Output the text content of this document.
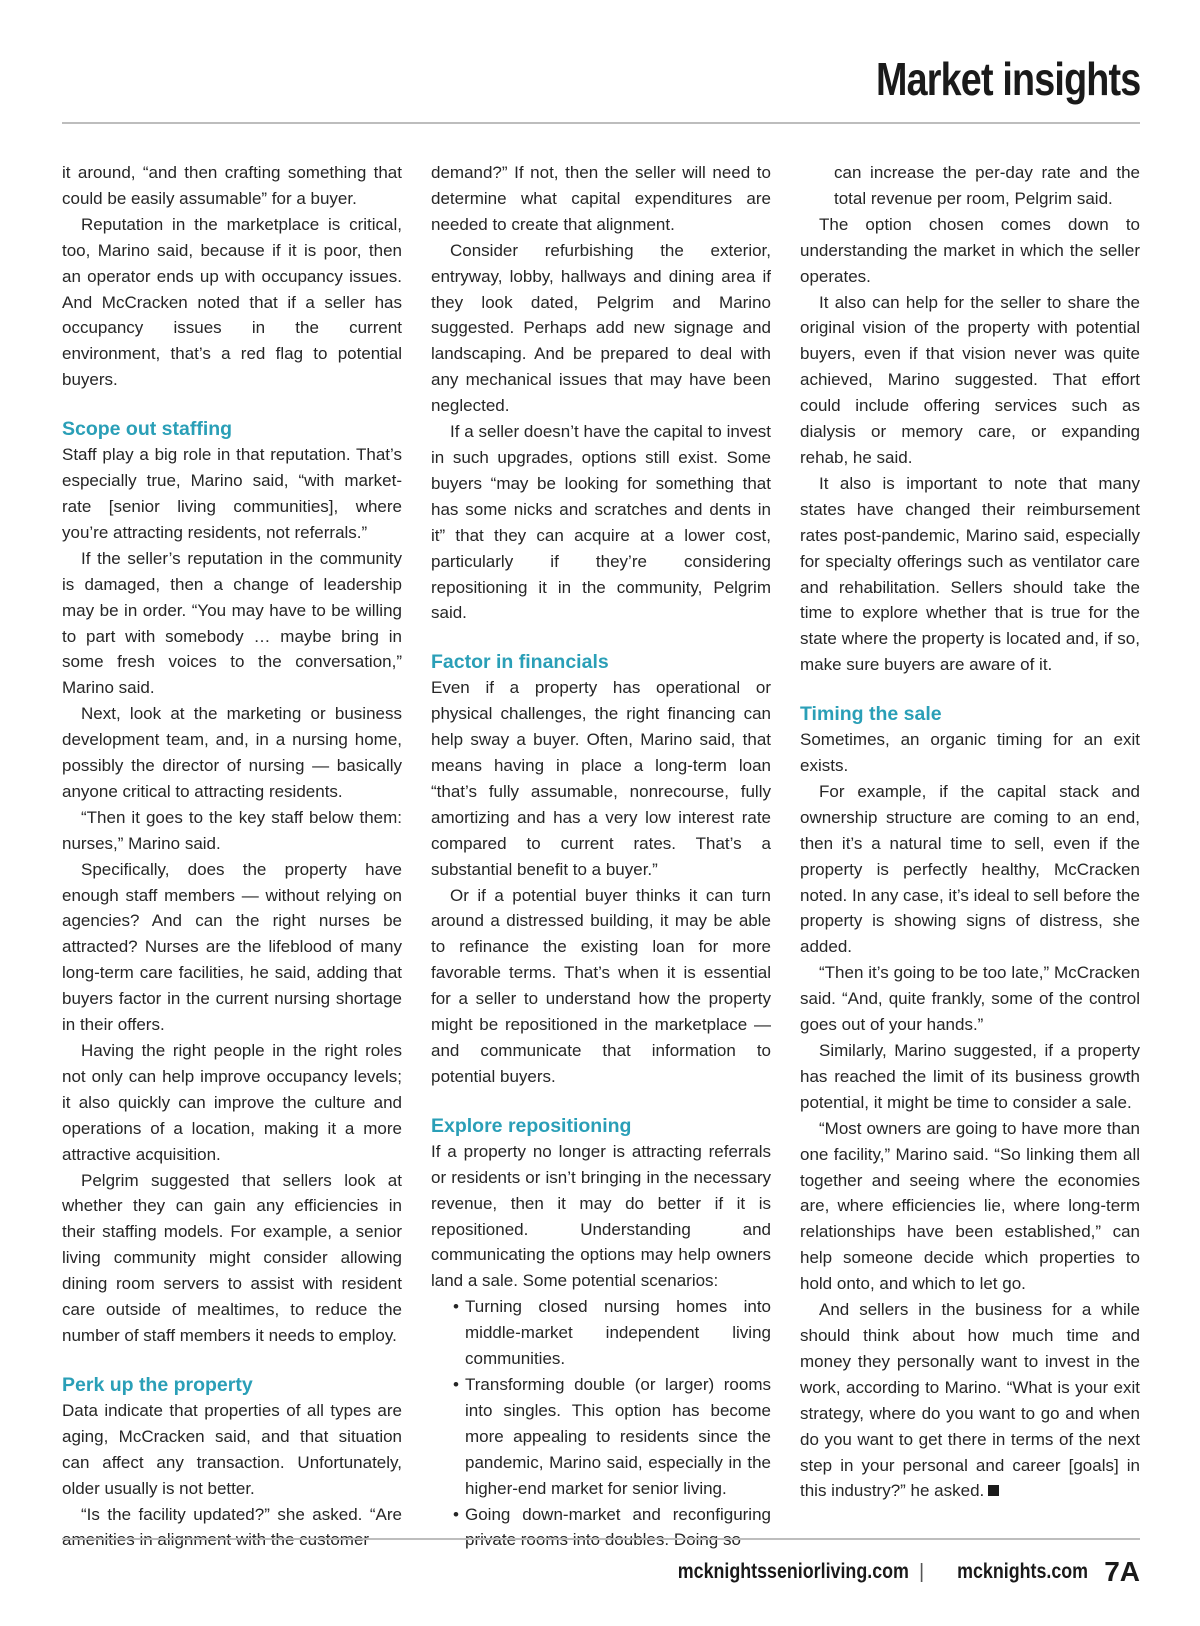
Market insights

it around, “and then crafting something that could be easily assumable” for a buyer.

Reputation in the marketplace is critical, too, Marino said, because if it is poor, then an operator ends up with occupancy issues. And McCracken noted that if a seller has occupancy issues in the current environment, that’s a red flag to potential buyers.

Scope out staffing

Staff play a big role in that reputation. That’s especially true, Marino said, “with market-rate [senior living communities], where you’re attracting residents, not referrals.”

If the seller’s reputation in the community is damaged, then a change of leadership may be in order. “You may have to be willing to part with somebody … maybe bring in some fresh voices to the conversation,” Marino said.

Next, look at the marketing or business development team, and, in a nursing home, possibly the director of nursing — basically anyone critical to attracting residents.

“Then it goes to the key staff below them: nurses,” Marino said.

Specifically, does the property have enough staff members — without relying on agencies? And can the right nurses be attracted? Nurses are the lifeblood of many long-term care facilities, he said, adding that buyers factor in the current nursing shortage in their offers.

Having the right people in the right roles not only can help improve occupancy levels; it also quickly can improve the culture and operations of a location, making it a more attractive acquisition.

Pelgrim suggested that sellers look at whether they can gain any efficiencies in their staffing models. For example, a senior living community might consider allowing dining room servers to assist with resident care outside of mealtimes, to reduce the number of staff members it needs to employ.

Perk up the property

Data indicate that properties of all types are aging, McCracken said, and that situation can affect any transaction. Unfortunately, older usually is not better.

“Is the facility updated?” she asked. “Are

demand?” If not, then the seller will need to determine what capital expenditures are needed to create that alignment.

Consider refurbishing the exterior, entryway, lobby, hallways and dining area if they look dated, Pelgrim and Marino suggested. Perhaps add new signage and landscaping. And be prepared to deal with any mechanical issues that may have been neglected.

If a seller doesn’t have the capital to invest in such upgrades, options still exist. Some buyers “may be looking for something that has some nicks and scratches and dents in it” that they can acquire at a lower cost, particularly if they’re considering repositioning it in the community, Pelgrim said.

Factor in financials

Even if a property has operational or physical challenges, the right financing can help sway a buyer. Often, Marino said, that means having in place a long-term loan “that’s fully assumable, nonrecourse, fully amortizing and has a very low interest rate compared to current rates. That’s a substantial benefit to a buyer.”

Or if a potential buyer thinks it can turn around a distressed building, it may be able to refinance the existing loan for more favorable terms. That’s when it is essential for a seller to understand how the property might be repositioned in the marketplace — and communicate that information to potential buyers.

Explore repositioning

If a property no longer is attracting referrals or residents or isn’t bringing in the necessary revenue, then it may do better if it is repositioned. Understanding and communicating the options may help owners land a sale. Some potential scenarios:

• Turning closed nursing homes into middle-market independent living communities.
• Transforming double (or larger) rooms into singles. This option has become more appealing to residents since the pandemic, Marino said, especially in the higher-end market for senior living.
• Going down-market and reconfiguring
can increase the per-day rate and the total revenue per room, Pelgrim said.

The option chosen comes down to understanding the market in which the seller operates.

It also can help for the seller to share the original vision of the property with potential buyers, even if that vision never was quite achieved, Marino suggested. That effort could include offering services such as dialysis or memory care, or expanding rehab, he said.

It also is important to note that many states have changed their reimbursement rates post-pandemic, Marino said, especially for specialty offerings such as ventilator care and rehabilitation. Sellers should take the time to explore whether that is true for the state where the property is located and, if so, make sure buyers are aware of it.

Timing the sale

Sometimes, an organic timing for an exit exists.

For example, if the capital stack and ownership structure are coming to an end, then it’s a natural time to sell, even if the property is perfectly healthy, McCracken noted. In any case, it’s ideal to sell before the property is showing signs of distress, she added.

“Then it’s going to be too late,” McCracken said. “And, quite frankly, some of the control goes out of your hands.”

Similarly, Marino suggested, if a property has reached the limit of its business growth potential, it might be time to consider a sale.

“Most owners are going to have more than one facility,” Marino said. “So linking them all together and seeing where the economies are, where efficiencies lie, where long-term relationships have been established,” can help someone decide which properties to hold onto, and which to let go.

And sellers in the business for a while should think about how much time and money they personally want to invest in the work, according to Marino. “What is your exit strategy, where do you want to go and when do you want to get there in terms of the next step in your personal and career [goals] in this industry?” he asked.

mcknightsseniorliving.com | mcknights.com 7A
